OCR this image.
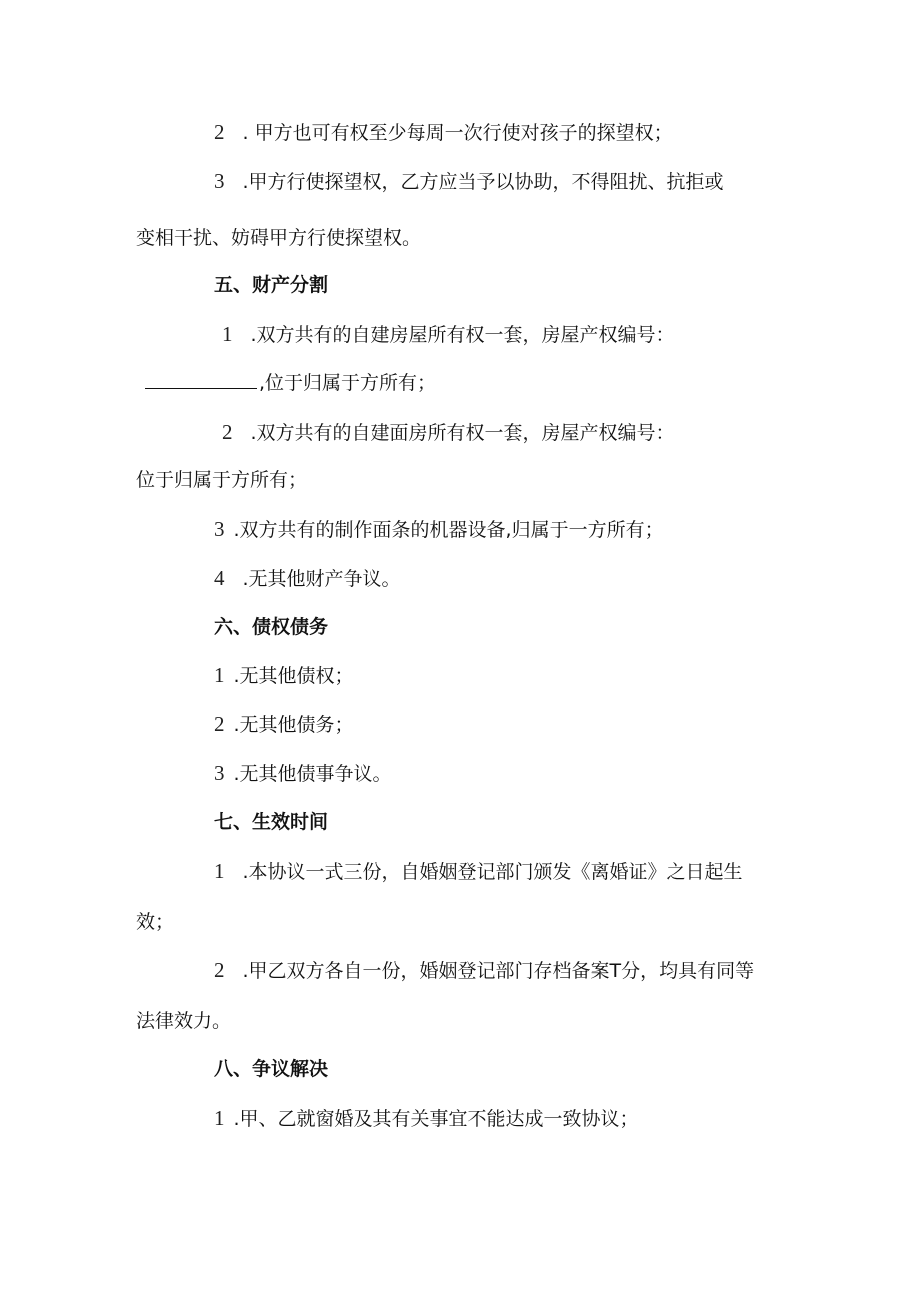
2 . 甲方也可有权至少每周一次行使对孩子的探望权；
3 .甲方行使探望权，乙方应当予以协助，不得阻扰、抗拒或
变相干扰、妨碍甲方行使探望权。
五、财产分割
1 .双方共有的自建房屋所有权一套，房屋产权编号：
,位于归属于方所有；
2 .双方共有的自建面房所有权一套，房屋产权编号：
位于归属于方所有；
3 .双方共有的制作面条的机器设备,归属于一方所有；
4 .无其他财产争议。
六、债权债务
1 .无其他债权；
2 .无其他债务；
3 .无其他债事争议。
七、生效时间
1 .本协议一式三份，自婚姻登记部门颁发《离婚证》之日起生
效；
2 .甲乙双方各自一份，婚姻登记部门存档备案T分，均具有同等
法律效力。
八、争议解决
1 .甲、乙就窗婚及其有关事宜不能达成一致协议；
